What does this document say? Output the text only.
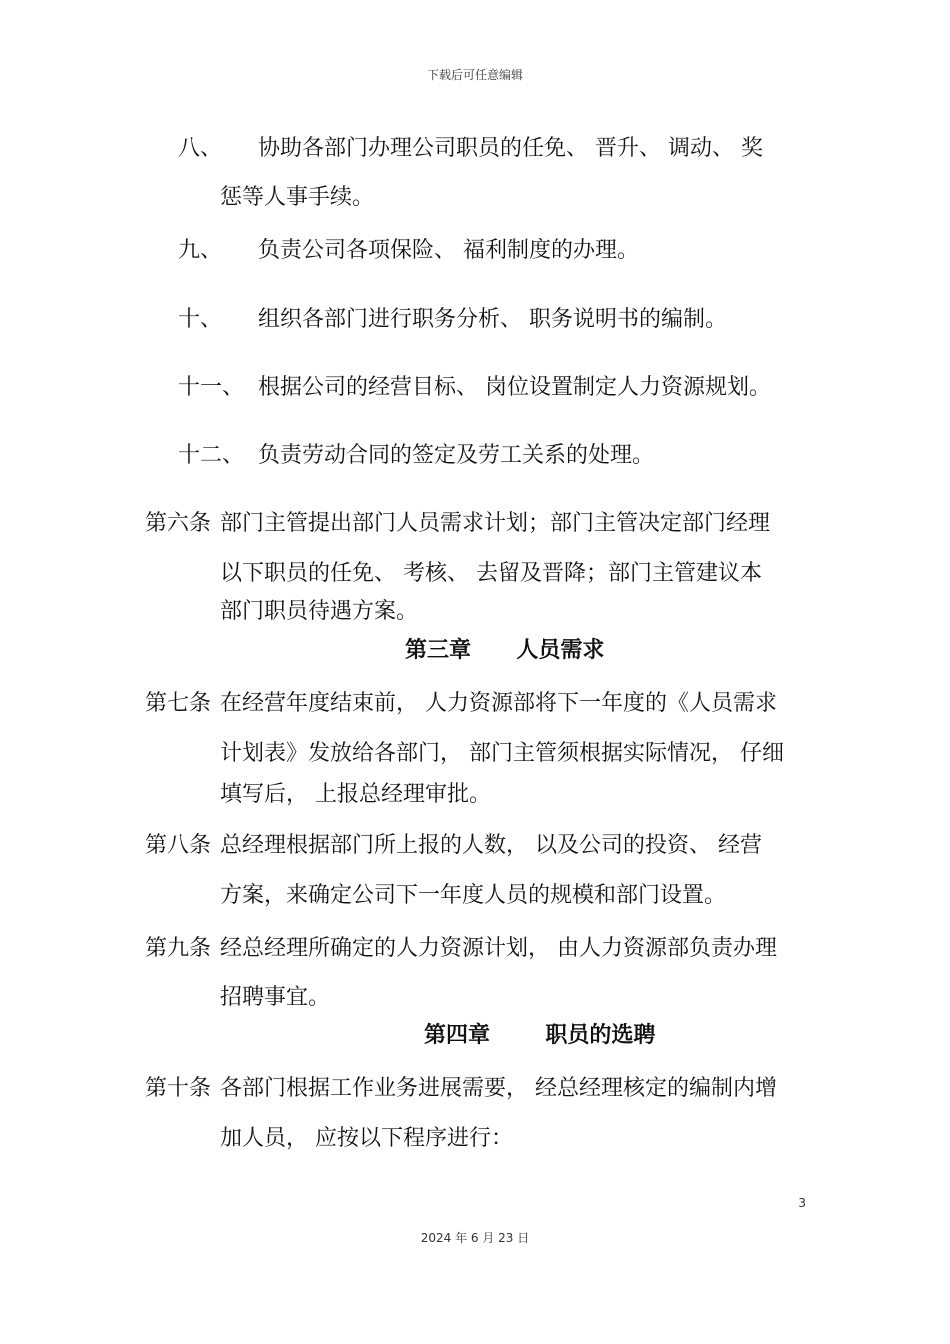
下载后可任意编辑
八、 协助各部门办理公司职员的任免、 晋升、 调动、 奖
惩等人事手续。
九、 负责公司各项保险、 福利制度的办理。
十、 组织各部门进行职务分析、 职务说明书的编制。
十一、 根据公司的经营目标、 岗位设置制定人力资源规划。
十二、 负责劳动合同的签定及劳工关系的处理。
第六条 部门主管提出部门人员需求计划；部门主管决定部门经理
以下职员的任免、 考核、 去留及晋降；部门主管建议本
部门职员待遇方案。
第三章 人员需求
第七条 在经营年度结束前， 人力资源部将下一年度的《人员需求
计划表》发放给各部门， 部门主管须根据实际情况， 仔细
填写后， 上报总经理审批。
第八条 总经理根据部门所上报的人数， 以及公司的投资、 经营
方案，来确定公司下一年度人员的规模和部门设置。
第九条 经总经理所确定的人力资源计划， 由人力资源部负责办理
招聘事宜。
第四章	职员的选聘
第十条 各部门根据工作业务进展需要， 经总经理核定的编制内增
加人员， 应按以下程序进行：
3
2024 年 6 月 23 日
